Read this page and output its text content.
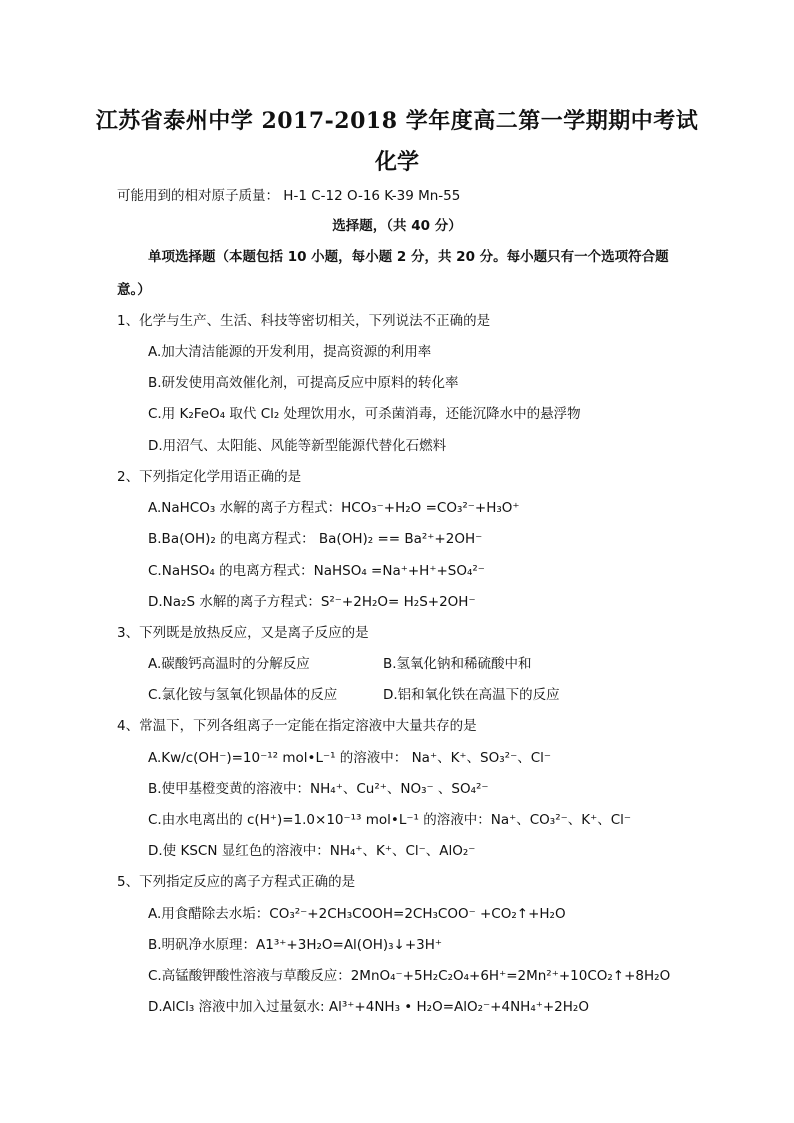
江苏省泰州中学 2017-2018 学年度高二第一学期期中考试
化学
可能用到的相对原子质量： H-1 C-12 O-16 K-39 Mn-55
选择题，（共 40 分）
单项选择题（本题包括 10 小题，每小题 2 分，共 20 分。每小题只有一个选项符合题
意。）
1、化学与生产、生活、科技等密切相关，下列说法不正确的是
A.加大清洁能源的开发利用，提高资源的利用率
B.研发使用高效催化剂，可提高反应中原料的转化率
C.用 K₂FeO₄ 取代 Cl₂ 处理饮用水，可杀菌消毒，还能沉降水中的悬浮物
D.用沼气、太阳能、风能等新型能源代替化石燃料
2、下列指定化学用语正确的是
A.NaHCO₃ 水解的离子方程式：HCO₃⁻+H₂O =CO₃²⁻+H₃O⁺
B.Ba(OH)₂ 的电离方程式： Ba(OH)₂ == Ba²⁺+2OH⁻
C.NaHSO₄ 的电离方程式：NaHSO₄ =Na⁺+H⁺+SO₄²⁻
D.Na₂S 水解的离子方程式：S²⁻+2H₂O= H₂S+2OH⁻
3、下列既是放热反应，又是离子反应的是
A.碳酸钙高温时的分解反应	B.氢氧化钠和稀硫酸中和
C.氯化铵与氢氧化钡晶体的反应	D.铝和氧化铁在高温下的反应
4、常温下，下列各组离子一定能在指定溶液中大量共存的是
A.Kw/c(OH⁻)=10⁻¹² mol•L⁻¹ 的溶液中： Na⁺、K⁺、SO₃²⁻、Cl⁻
B.使甲基橙变黄的溶液中：NH₄⁺、Cu²⁺、NO₃⁻ 、SO₄²⁻
C.由水电离出的 c(H⁺)=1.0×10⁻¹³ mol•L⁻¹ 的溶液中：Na⁺、CO₃²⁻、K⁺、Cl⁻
D.使 KSCN 显红色的溶液中：NH₄⁺、K⁺、Cl⁻、AlO₂⁻
5、下列指定反应的离子方程式正确的是
A.用食醋除去水垢：CO₃²⁻+2CH₃COOH=2CH₃COO⁻ +CO₂↑+H₂O
B.明矾净水原理：A1³⁺+3H₂O=Al(OH)₃↓+3H⁺
C.高锰酸钾酸性溶液与草酸反应：2MnO₄⁻+5H₂C₂O₄+6H⁺=2Mn²⁺+10CO₂↑+8H₂O
D.AlCl₃ 溶液中加入过量氨水: Al³⁺+4NH₃ • H₂O=AlO₂⁻+4NH₄⁺+2H₂O
